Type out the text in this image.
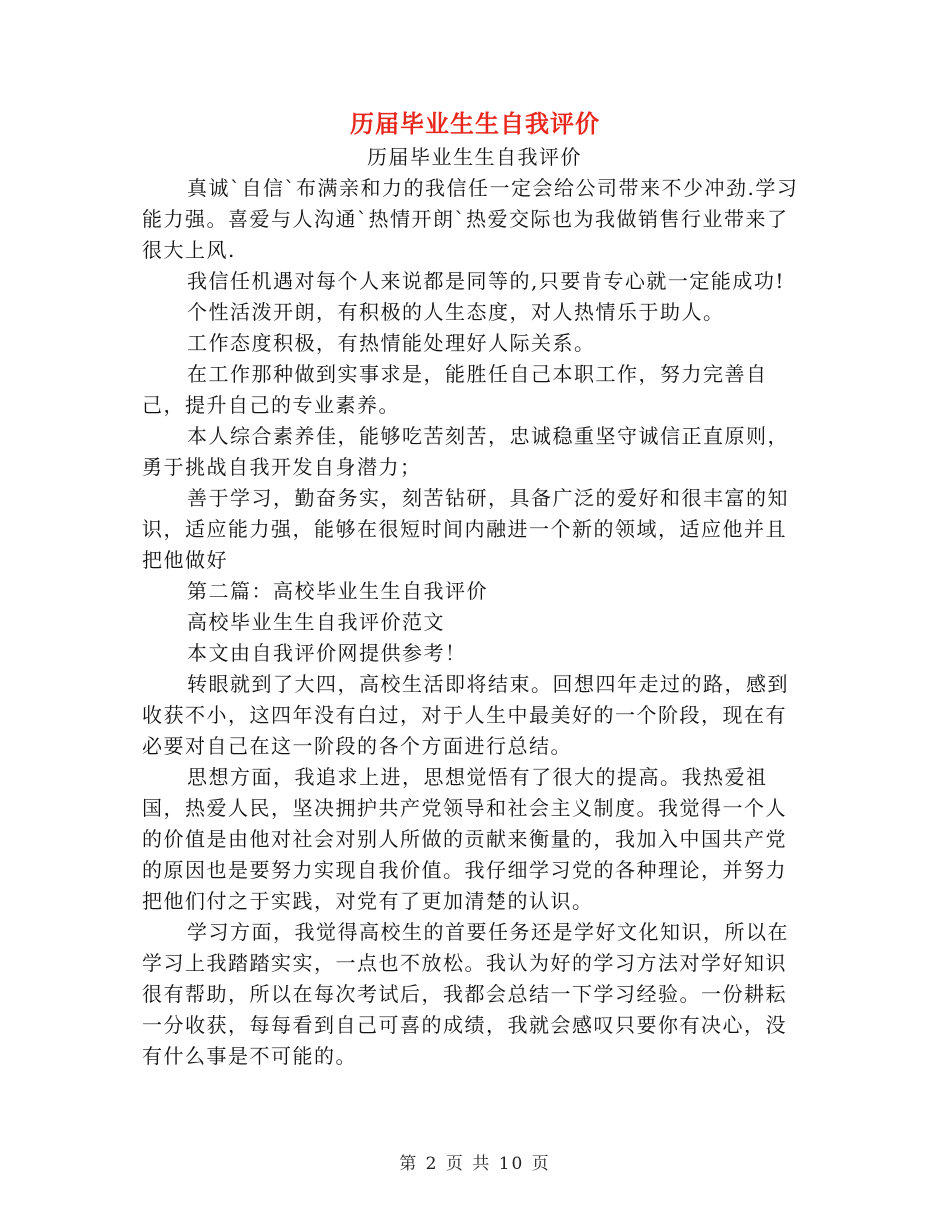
历届毕业生生自我评价

历届毕业生生自我评价

真诚`自信`布满亲和力的我信任一定会给公司带来不少冲劲.学习能力强。喜爱与人沟通`热情开朗`热爱交际也为我做销售行业带来了很大上风.

我信任机遇对每个人来说都是同等的,只要肯专心就一定能成功!

个性活泼开朗，有积极的人生态度，对人热情乐于助人。

工作态度积极，有热情能处理好人际关系。

在工作那种做到实事求是，能胜任自己本职工作，努力完善自己，提升自己的专业素养。

本人综合素养佳，能够吃苦刻苦，忠诚稳重坚守诚信正直原则，勇于挑战自我开发自身潜力；

善于学习，勤奋务实，刻苦钻研，具备广泛的爱好和很丰富的知识，适应能力强，能够在很短时间内融进一个新的领域，适应他并且把他做好

第二篇：高校毕业生生自我评价

高校毕业生生自我评价范文

本文由自我评价网提供参考！

转眼就到了大四，高校生活即将结束。回想四年走过的路，感到收获不小，这四年没有白过，对于人生中最美好的一个阶段，现在有必要对自己在这一阶段的各个方面进行总结。

思想方面，我追求上进，思想觉悟有了很大的提高。我热爱祖国，热爱人民，坚决拥护共产党领导和社会主义制度。我觉得一个人的价值是由他对社会对别人所做的贡献来衡量的，我加入中国共产党的原因也是要努力实现自我价值。我仔细学习党的各种理论，并努力把他们付之于实践，对党有了更加清楚的认识。

学习方面，我觉得高校生的首要任务还是学好文化知识，所以在学习上我踏踏实实，一点也不放松。我认为好的学习方法对学好知识很有帮助，所以在每次考试后，我都会总结一下学习经验。一份耕耘一分收获，每每看到自己可喜的成绩，我就会感叹只要你有决心，没有什么事是不可能的。

第 2 页 共 10 页
